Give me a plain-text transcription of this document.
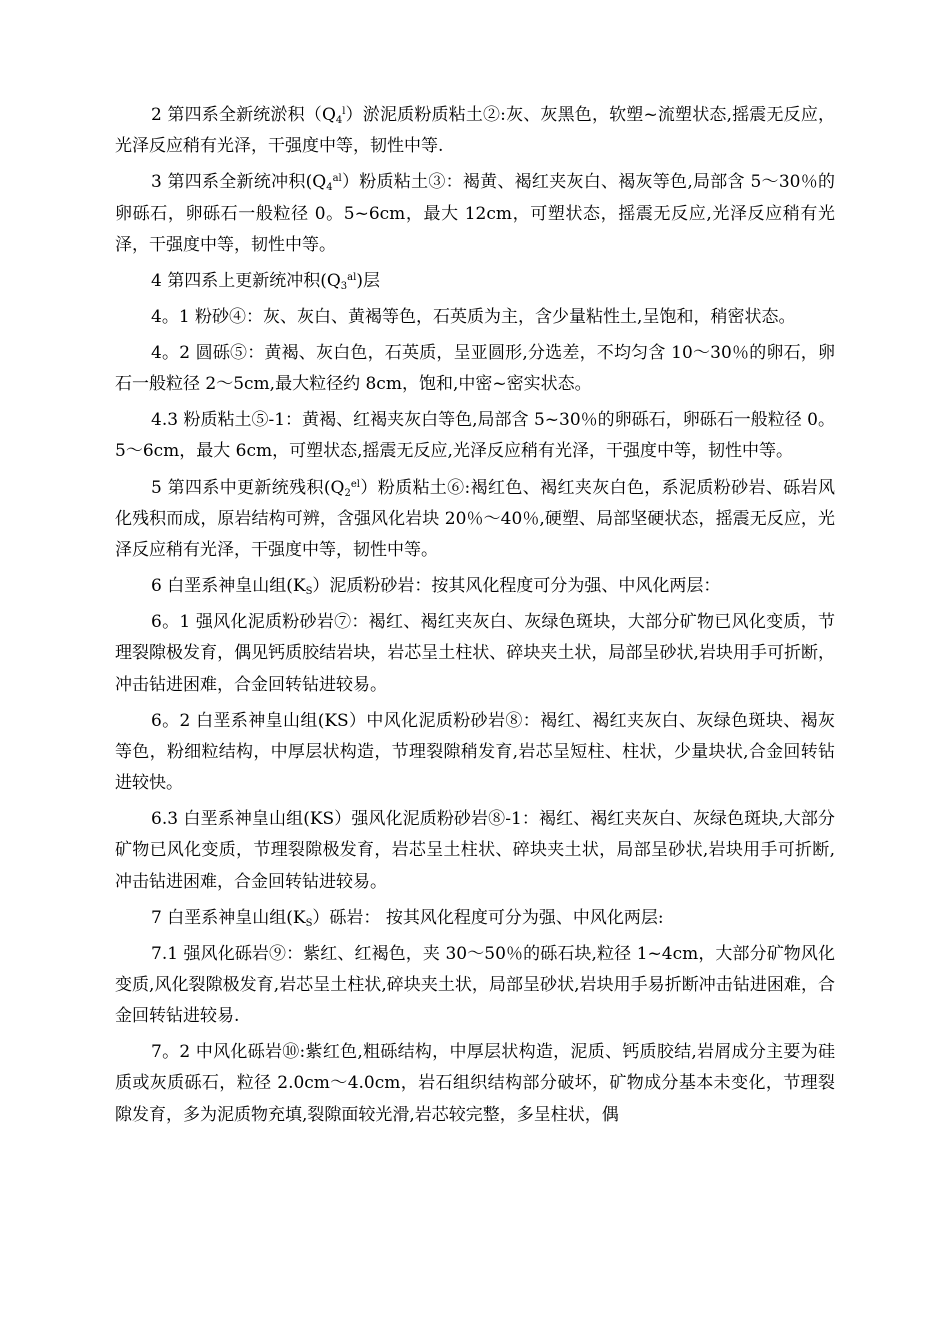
2 第四系全新统淤积$(Q_4^l)$淤泥质粉质粘土②:灰、灰黑色，软塑~流塑状态,摇震无反应，光泽反应稍有光泽，干强度中等，韧性中等.

3 第四系全新统冲积$(Q_4^{al})$粉质粘土③：褐黄、褐红夹灰白、褐灰等色,局部含 5～30％的卵砾石，卵砾石一般粒径 0。5~6cm，最大 12cm，可塑状态，摇震无反应,光泽反应稍有光泽，干强度中等，韧性中等。

4 第四系上更新统冲积$(Q_3^{al})$层

4。1 粉砂④：灰、灰白、黄褐等色，石英质为主，含少量粘性土,呈饱和，稍密状态。

4。2 圆砾⑤：黄褐、灰白色，石英质，呈亚圆形,分选差，不均匀含 10～30％的卵石，卵石一般粒径 2～5cm,最大粒径约 8cm，饱和,中密~密实状态。

4.3 粉质粘土⑤-1：黄褐、红褐夹灰白等色,局部含 5~30％的卵砾石，卵砾石一般粒径 0。5～6cm，最大 6cm，可塑状态,摇震无反应,光泽反应稍有光泽，干强度中等，韧性中等。

5 第四系中更新统残积$(Q_2^{el})$粉质粘土⑥:褐红色、褐红夹灰白色，系泥质粉砂岩、砾岩风化残积而成，原岩结构可辨，含强风化岩块 20％～40％,硬塑、局部坚硬状态，摇震无反应，光泽反应稍有光泽，干强度中等，韧性中等。

6 白垩系神皇山组$(K_S)$泥质粉砂岩：按其风化程度可分为强、中风化两层：

6。1 强风化泥质粉砂岩⑦：褐红、褐红夹灰白、灰绿色斑块，大部分矿物已风化变质，节理裂隙极发育，偶见钙质胶结岩块，岩芯呈土柱状、碎块夹土状，局部呈砂状,岩块用手可折断，冲击钻进困难，合金回转钻进较易。

6。2 白垩系神皇山组(KS）中风化泥质粉砂岩⑧：褐红、褐红夹灰白、灰绿色斑块、褐灰等色，粉细粒结构，中厚层状构造，节理裂隙稍发育,岩芯呈短柱、柱状，少量块状,合金回转钻进较快。

6.3 白垩系神皇山组(KS）强风化泥质粉砂岩⑧-1：褐红、褐红夹灰白、灰绿色斑块,大部分矿物已风化变质，节理裂隙极发育，岩芯呈土柱状、碎块夹土状，局部呈砂状,岩块用手可折断,冲击钻进困难，合金回转钻进较易。

7 白垩系神皇山组$(K_S)$砾岩： 按其风化程度可分为强、中风化两层:

7.1 强风化砾岩⑨：紫红、红褐色，夹 30～50％的砾石块,粒径 1~4cm，大部分矿物风化变质,风化裂隙极发育,岩芯呈土柱状,碎块夹土状，局部呈砂状,岩块用手易折断冲击钻进困难，合金回转钻进较易.

7。2 中风化砾岩⑩:紫红色,粗砾结构，中厚层状构造，泥质、钙质胶结,岩屑成分主要为硅质或灰质砾石，粒径 2.0cm～4.0cm，岩石组织结构部分破坏，矿物成分基本未变化，节理裂隙发育，多为泥质物充填,裂隙面较光滑,岩芯较完整，多呈柱状，偶
